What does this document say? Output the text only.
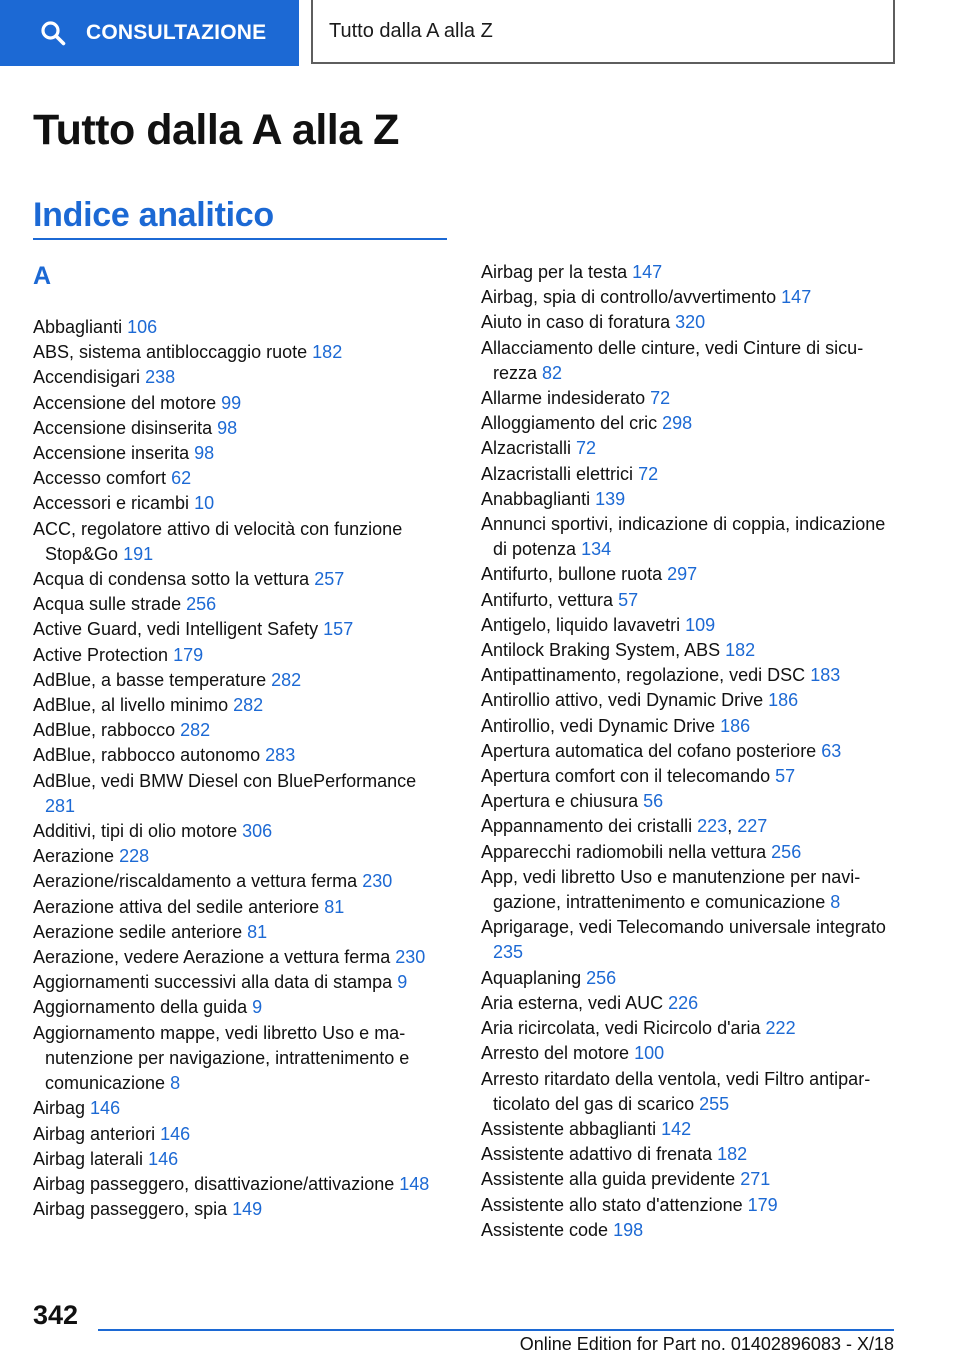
CONSULTAZIONE	Tutto dalla A alla Z
Tutto dalla A alla Z
Indice analitico
A
Abbaglianti 106
ABS, sistema antibloccaggio ruote 182
Accendisigari 238
Accensione del motore 99
Accensione disinserita 98
Accensione inserita 98
Accesso comfort 62
Accessori e ricambi 10
ACC, regolatore attivo di velocità con funzione Stop&Go 191
Acqua di condensa sotto la vettura 257
Acqua sulle strade 256
Active Guard, vedi Intelligent Safety 157
Active Protection 179
AdBlue, a basse temperature 282
AdBlue, al livello minimo 282
AdBlue, rabbocco 282
AdBlue, rabbocco autonomo 283
AdBlue, vedi BMW Diesel con BluePerformance 281
Additivi, tipi di olio motore 306
Aerazione 228
Aerazione/riscaldamento a vettura ferma 230
Aerazione attiva del sedile anteriore 81
Aerazione sedile anteriore 81
Aerazione, vedere Aerazione a vettura ferma 230
Aggiornamenti successivi alla data di stampa 9
Aggiornamento della guida 9
Aggiornamento mappe, vedi libretto Uso e manutenzione per navigazione, intrattenimento e comunicazione 8
Airbag 146
Airbag anteriori 146
Airbag laterali 146
Airbag passeggero, disattivazione/attivazione 148
Airbag passeggero, spia 149
Airbag per la testa 147
Airbag, spia di controllo/avvertimento 147
Aiuto in caso di foratura 320
Allacciamento delle cinture, vedi Cinture di sicurezza 82
Allarme indesiderato 72
Alloggiamento del cric 298
Alzacristalli 72
Alzacristalli elettrici 72
Anabbaglianti 139
Annunci sportivi, indicazione di coppia, indicazione di potenza 134
Antifurto, bullone ruota 297
Antifurto, vettura 57
Antigelo, liquido lavavetri 109
Antilock Braking System, ABS 182
Antipattinamento, regolazione, vedi DSC 183
Antirollio attivo, vedi Dynamic Drive 186
Antirollio, vedi Dynamic Drive 186
Apertura automatica del cofano posteriore 63
Apertura comfort con il telecomando 57
Apertura e chiusura 56
Appannamento dei cristalli 223, 227
Apparecchi radiomobili nella vettura 256
App, vedi libretto Uso e manutenzione per navigazione, intrattenimento e comunicazione 8
Aprigarage, vedi Telecomando universale integrato 235
Aquaplaning 256
Aria esterna, vedi AUC 226
Aria ricircolata, vedi Ricircolo d'aria 222
Arresto del motore 100
Arresto ritardato della ventola, vedi Filtro antiparticolato del gas di scarico 255
Assistente abbaglianti 142
Assistente adattivo di frenata 182
Assistente alla guida previdente 271
Assistente allo stato d'attenzione 179
Assistente code 198
342
Online Edition for Part no. 01402896083 - X/18
